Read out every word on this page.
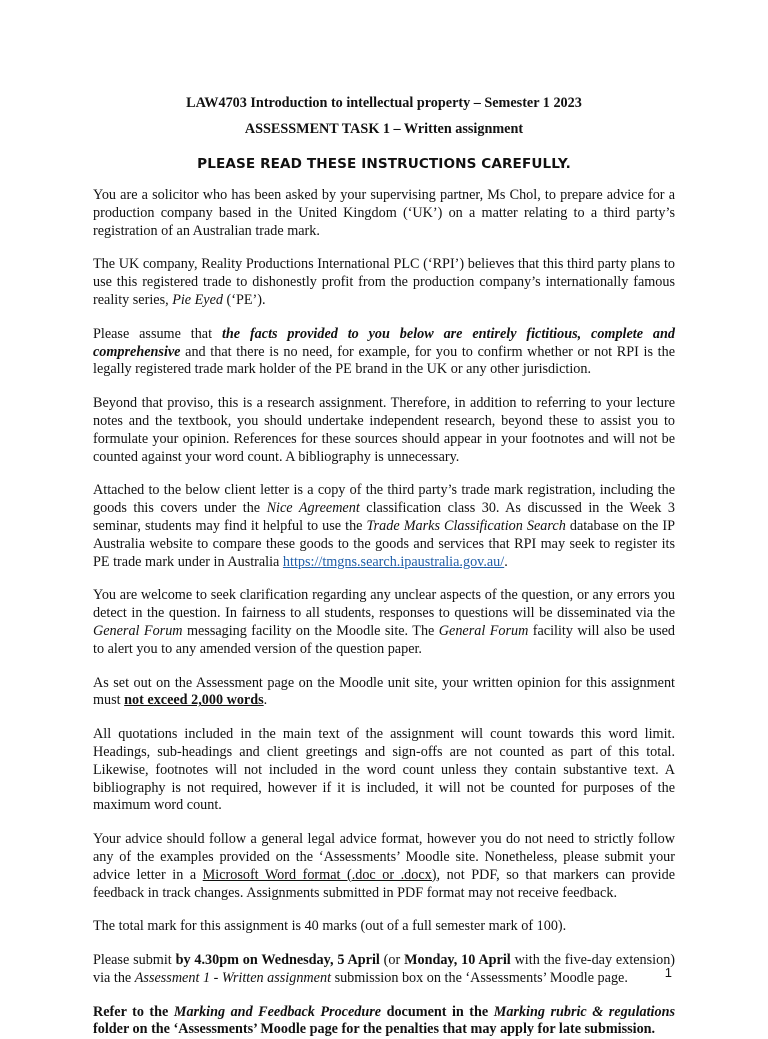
LAW4703 Introduction to intellectual property – Semester 1 2023
ASSESSMENT TASK 1 – Written assignment
PLEASE READ THESE INSTRUCTIONS CAREFULLY.

You are a solicitor who has been asked by your supervising partner, Ms Chol, to prepare advice for a production company based in the United Kingdom (‘UK’) on a matter relating to a third party’s registration of an Australian trade mark.

The UK company, Reality Productions International PLC (‘RPI’) believes that this third party plans to use this registered trade to dishonestly profit from the production company’s internationally famous reality series, Pie Eyed (‘PE’).

Please assume that the facts provided to you below are entirely fictitious, complete and comprehensive and that there is no need, for example, for you to confirm whether or not RPI is the legally registered trade mark holder of the PE brand in the UK or any other jurisdiction.

Beyond that proviso, this is a research assignment. Therefore, in addition to referring to your lecture notes and the textbook, you should undertake independent research, beyond these to assist you to formulate your opinion. References for these sources should appear in your footnotes and will not be counted against your word count. A bibliography is unnecessary.

Attached to the below client letter is a copy of the third party’s trade mark registration, including the goods this covers under the Nice Agreement classification class 30. As discussed in the Week 3 seminar, students may find it helpful to use the Trade Marks Classification Search database on the IP Australia website to compare these goods to the goods and services that RPI may seek to register its PE trade mark under in Australia https://tmgns.search.ipaustralia.gov.au/.

You are welcome to seek clarification regarding any unclear aspects of the question, or any errors you detect in the question. In fairness to all students, responses to questions will be disseminated via the General Forum messaging facility on the Moodle site. The General Forum facility will also be used to alert you to any amended version of the question paper.

As set out on the Assessment page on the Moodle unit site, your written opinion for this assignment must not exceed 2,000 words.

All quotations included in the main text of the assignment will count towards this word limit. Headings, sub-headings and client greetings and sign-offs are not counted as part of this total. Likewise, footnotes will not included in the word count unless they contain substantive text. A bibliography is not required, however if it is included, it will not be counted for purposes of the maximum word count.

Your advice should follow a general legal advice format, however you do not need to strictly follow any of the examples provided on the ‘Assessments’ Moodle site. Nonetheless, please submit your advice letter in a Microsoft Word format (.doc or .docx), not PDF, so that markers can provide feedback in track changes. Assignments submitted in PDF format may not receive feedback.

The total mark for this assignment is 40 marks (out of a full semester mark of 100).

Please submit by 4.30pm on Wednesday, 5 April (or Monday, 10 April with the five-day extension) via the Assessment 1 - Written assignment submission box on the ‘Assessments’ Moodle page.

Refer to the Marking and Feedback Procedure document in the Marking rubric & regulations folder on the ‘Assessments’ Moodle page for the penalties that may apply for late submission.

1
